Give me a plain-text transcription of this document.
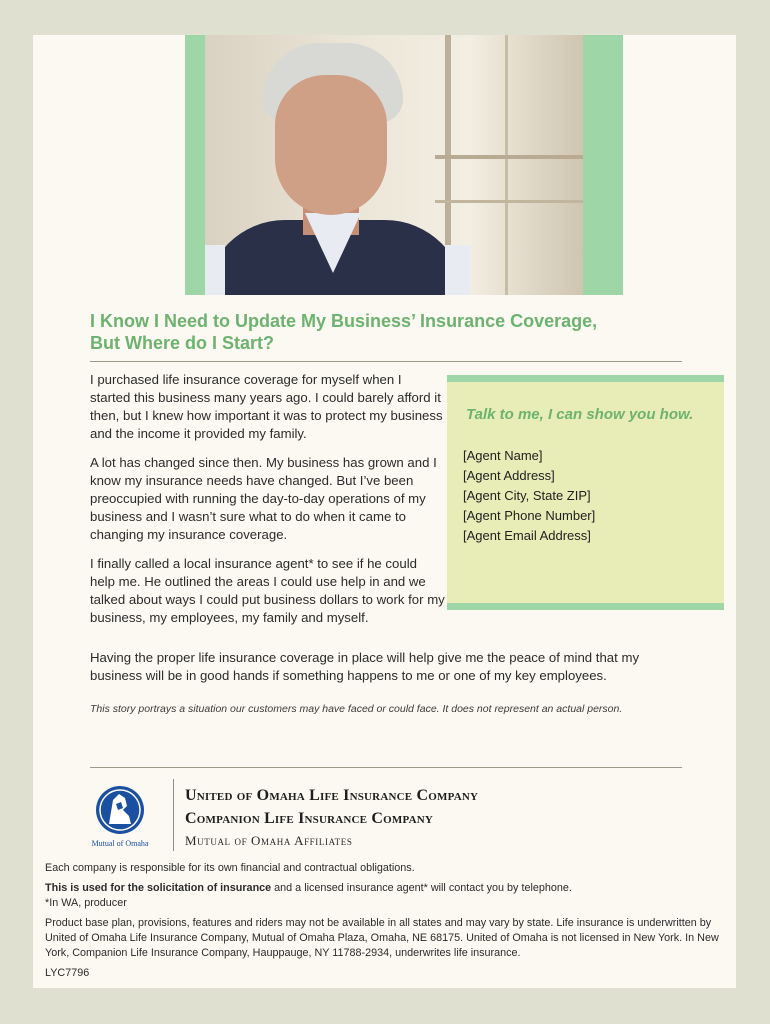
I Know I Need to Update My Business’ Insurance Coverage,
But Where do I Start?

I purchased life insurance coverage for myself when I started this business many years ago. I could barely afford it then, but I knew how important it was to protect my business and the income it provided my family.

A lot has changed since then. My business has grown and I know my insurance needs have changed. But I’ve been preoccupied with running the day-to-day operations of my business and I wasn’t sure what to do when it came to changing my insurance coverage.

I finally called a local insurance agent* to see if he could help me. He outlined the areas I could use help in and we talked about ways I could put business dollars to work for my business, my employees, my family and myself.

Having the proper life insurance coverage in place will help give me the peace of mind that my business will be in good hands if something happens to me or one of my key employees.

This story portrays a situation our customers may have faced or could face. It does not represent an actual person.

Talk to me, I can show you how.
[Agent Name]
[Agent Address]
[Agent City, State ZIP]
[Agent Phone Number]
[Agent Email Address]
Mutual of Omaha
United of Omaha Life Insurance Company
Companion Life Insurance Company
Mutual of Omaha Affiliates

Each company is responsible for its own financial and contractual obligations.

This is used for the solicitation of insurance and a licensed insurance agent* will contact you by telephone.

*In WA, producer

Product base plan, provisions, features and riders may not be available in all states and may vary by state. Life insurance is underwritten by United of Omaha Life Insurance Company, Mutual of Omaha Plaza, Omaha, NE 68175. United of Omaha is not licensed in New York. In New York, Companion Life Insurance Company, Hauppauge, NY 11788-2934, underwrites life insurance.

LYC7796
